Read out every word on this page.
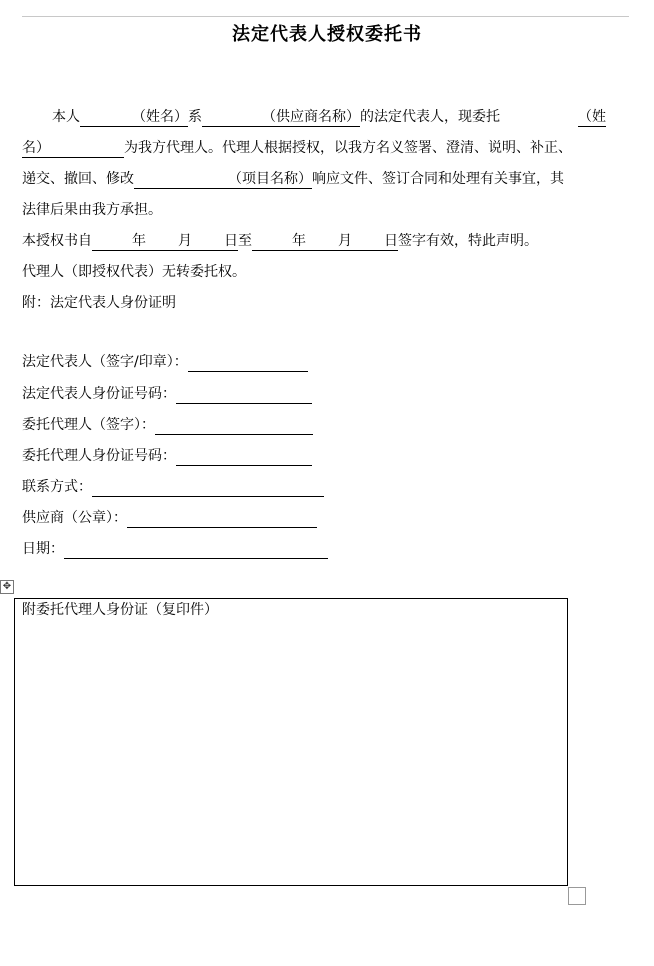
法定代表人授权委托书
本人	（姓名）系	（供应商名称）的法定代表人，现委托	（姓
名）	为我方代理人。代理人根据授权，以我方名义签署、澄清、说明、补正、
递交、撤回、修改	（项目名称）响应文件、签订合同和处理有关事宜，其
法律后果由我方承担。
本授权书自	年 月 日至	年 月 日签字有效，特此声明。
代理人（即授权代表）无转委托权。
附：法定代表人身份证明
法定代表人（签字/印章）：
法定代表人身份证号码：
委托代理人（签字）：
委托代理人身份证号码：
联系方式：
供应商（公章）：
日期：
✥
附委托代理人身份证（复印件）
